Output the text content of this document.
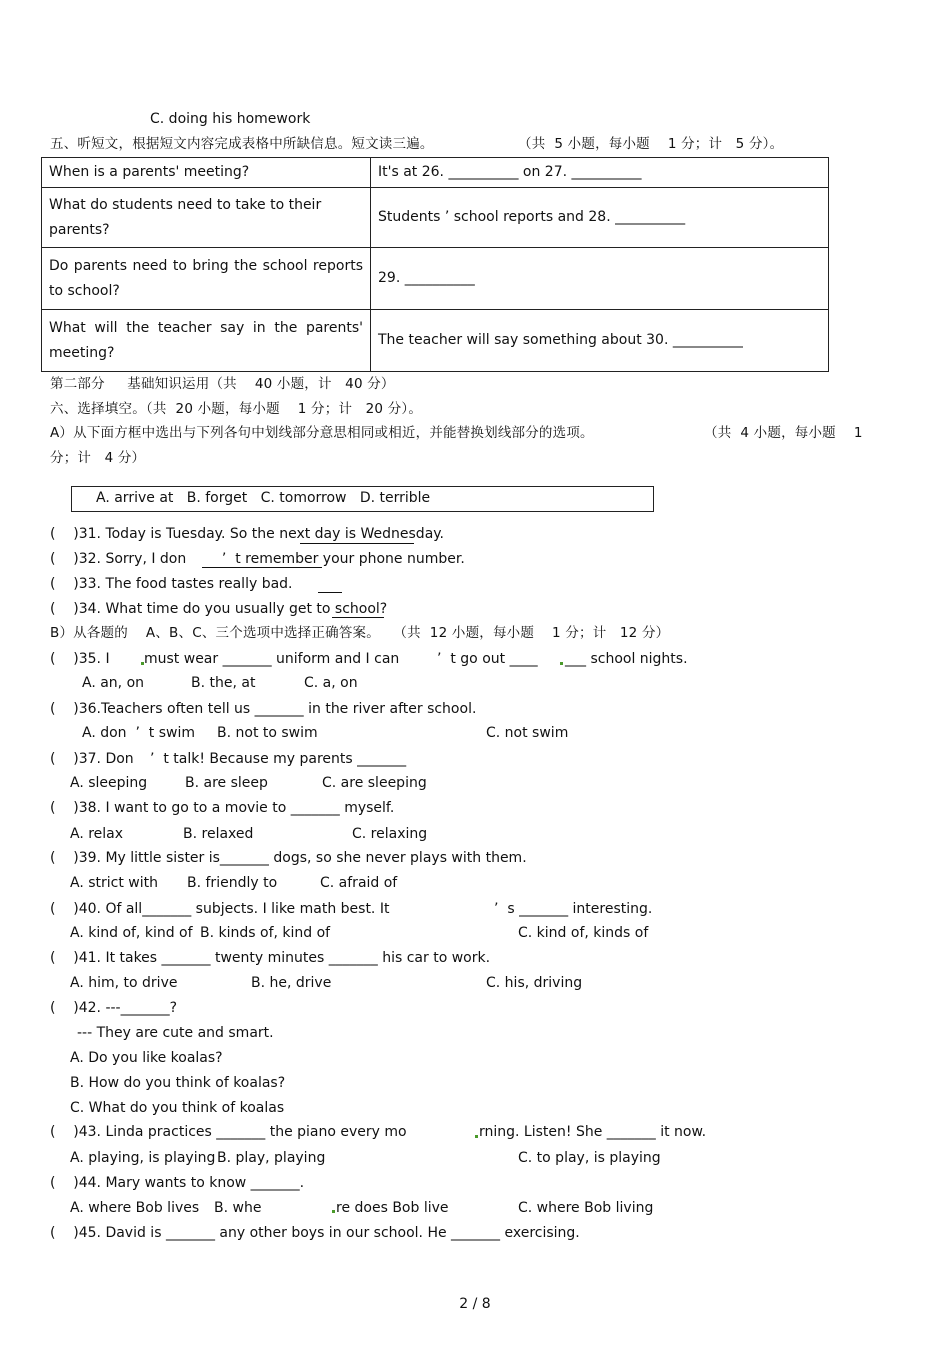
C. doing his homework
五、听短文，根据短文内容完成表格中所缺信息。短文读三遍。	（共  5 小题，每小题    1 分；计   5 分）。
When is a parents' meeting?	It's at 26. __________ on 27. __________
What do students need to take to their parents?	Students ’ school reports and 28. __________
Do parents need to bring the school reports to school?	29. __________
What will the teacher say in the parents' meeting?	The teacher will say something about 30. __________
第二部分     基础知识运用（共    40 小题，计   40 分）
六、选择填空。（共  20 小题，每小题    1 分；计   20 分）。
A）从下面方框中选出与下列各句中划线部分意思相同或相近，并能替换划线部分的选项。	（共  4 小题，每小题    1
分；计   4 分）
A. arrive at   B. forget   C. tomorrow   D. terrible
(    )31. Today is Tuesday. So the next day is Wednesday.
(    )32. Sorry, I don        ’  t remember your phone number.
(    )33. The food tastes really bad.
(    )34. What time do you usually get to school?
B）从各题的    A、B、C、三个选项中选择正确答案。   （共  12 小题，每小题    1 分；计   12 分）
(    )35. I must wear _______ uniform and I can	’  t go out ____ ___ school nights.
A. an, on	B. the, at	C. a, on
(    )36.Teachers often tell us _______ in the river after school.
A. don  ’  t swim B. not to swim	C. not swim
(    )37. Don ’  t talk! Because my parents _______
A. sleeping	B. are sleep	C. are sleeping
(    )38. I want to go to a movie to _______ myself.
A. relax	B. relaxed	C. relaxing
(    )39. My little sister is_______ dogs, so she never plays with them.
A. strict with B. friendly to	C. afraid of
(    )40. Of all_______ subjects. I like math best. It	’  s _______ interesting.
A. kind of, kind of B. kinds of, kind of	C. kind of, kinds of
(    )41. It takes _______ twenty minutes _______ his car to work.
A. him, to drive	B. he, drive	C. his, driving
(    )42. ---_______?
--- They are cute and smart.
A. Do you like koalas?
B. How do you think of koalas?
C. What do you think of koalas
(    )43. Linda practices _______ the piano every mo	rning. Listen! She _______ it now.
A. playing, is playing B. play, playing	C. to play, is playing
(    )44. Mary wants to know _______.
A. where Bob lives B. whe	re does Bob live	C. where Bob living
(    )45. David is _______ any other boys in our school. He _______ exercising.
2 / 8
